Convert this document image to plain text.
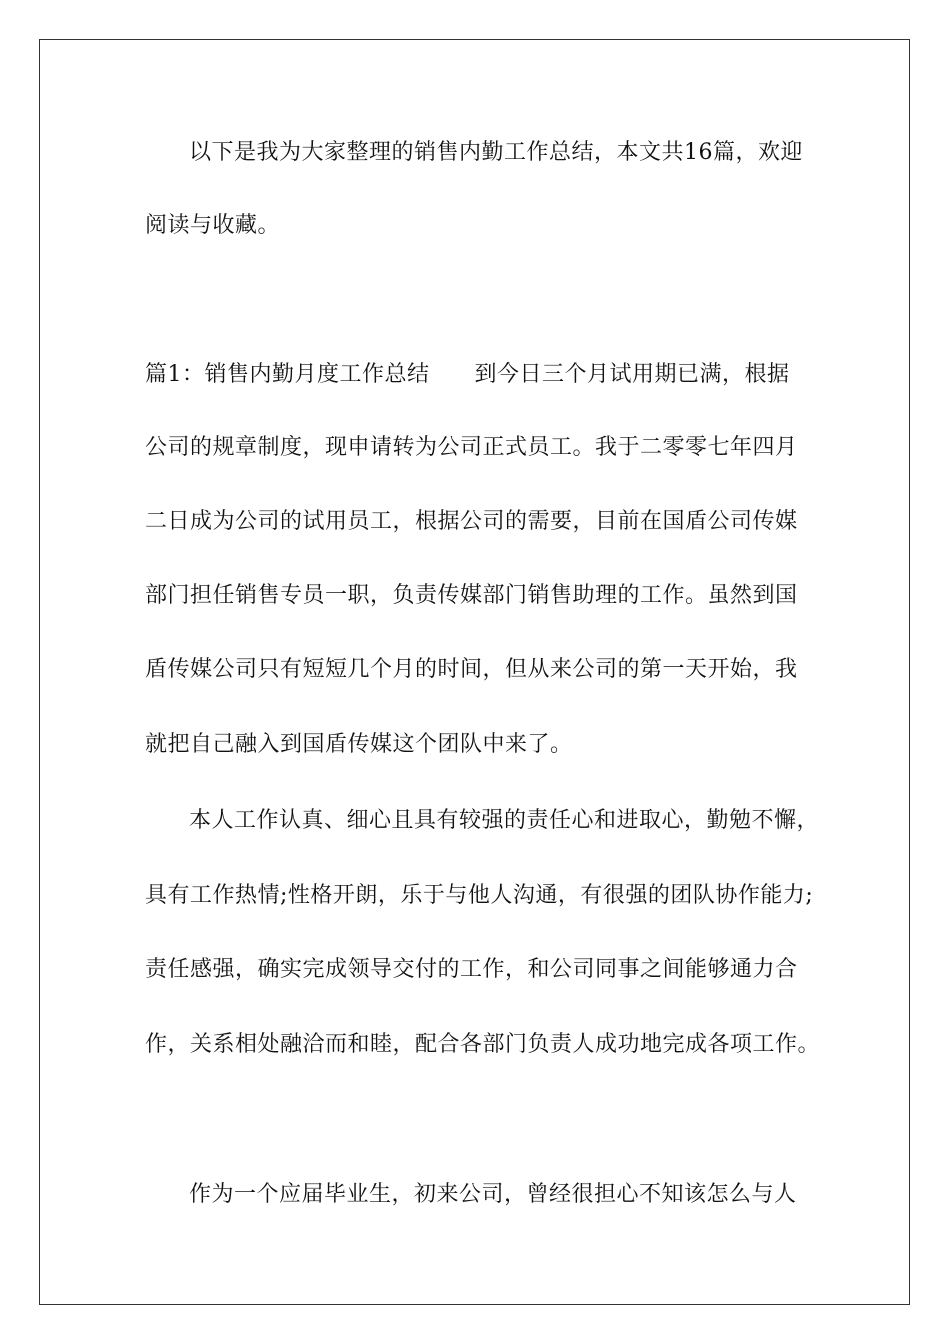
以下是我为大家整理的销售内勤工作总结，本文共16篇，欢迎
阅读与收藏。
篇1：销售内勤月度工作总结　　到今日三个月试用期已满，根据
公司的规章制度，现申请转为公司正式员工。我于二零零七年四月
二日成为公司的试用员工，根据公司的需要，目前在国盾公司传媒
部门担任销售专员一职，负责传媒部门销售助理的工作。虽然到国
盾传媒公司只有短短几个月的时间，但从来公司的第一天开始，我
就把自己融入到国盾传媒这个团队中来了。
本人工作认真、细心且具有较强的责任心和进取心，勤勉不懈，
具有工作热情;性格开朗，乐于与他人沟通，有很强的团队协作能力;
责任感强，确实完成领导交付的工作，和公司同事之间能够通力合
作，关系相处融洽而和睦，配合各部门负责人成功地完成各项工作。
作为一个应届毕业生，初来公司，曾经很担心不知该怎么与人
